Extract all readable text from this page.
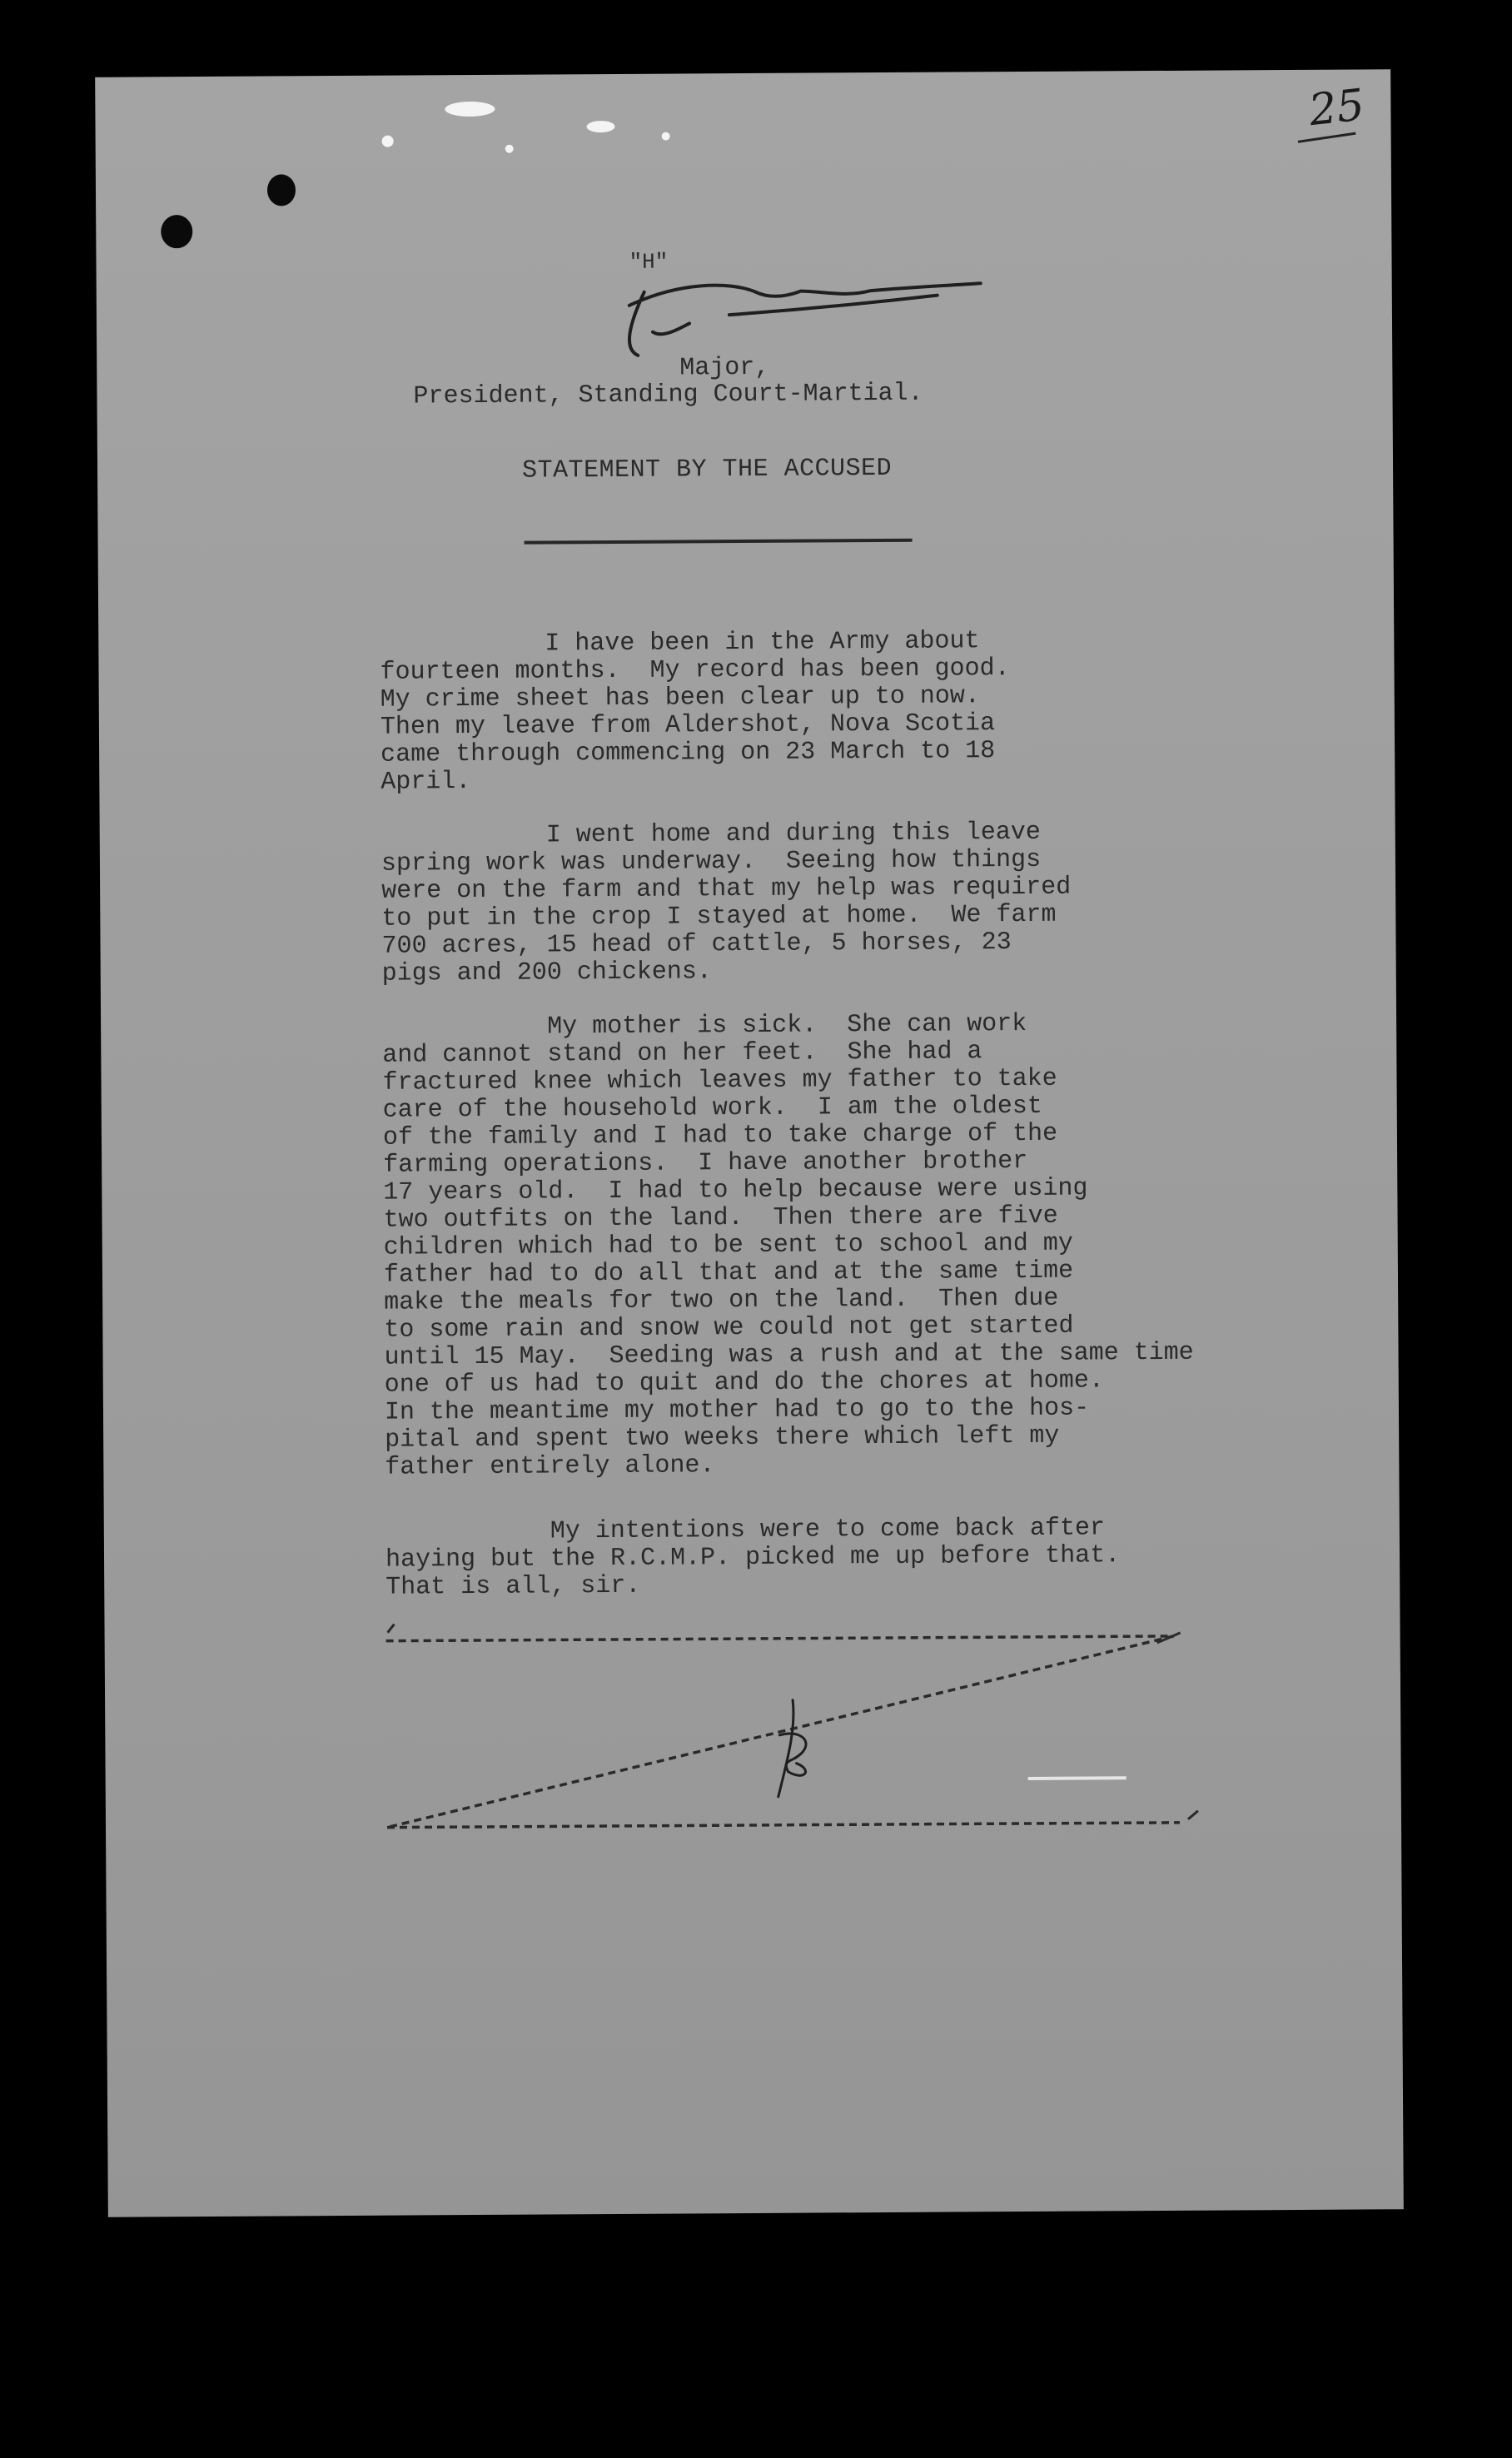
25
"H"
Major,
President, Standing Court-Martial.
STATEMENT BY THE ACCUSED
I have been in the Army about
fourteen months.  My record has been good.
My crime sheet has been clear up to now.
Then my leave from Aldershot, Nova Scotia
came through commencing on 23 March to 18
April.
I went home and during this leave
spring work was underway.  Seeing how things
were on the farm and that my help was required
to put in the crop I stayed at home.  We farm
700 acres, 15 head of cattle, 5 horses, 23
pigs and 200 chickens.
My mother is sick.  She can work
and cannot stand on her feet.  She had a
fractured knee which leaves my father to take
care of the household work.  I am the oldest
of the family and I had to take charge of the
farming operations.  I have another brother
17 years old.  I had to help because were using
two outfits on the land.  Then there are five
children which had to be sent to school and my
father had to do all that and at the same time
make the meals for two on the land.  Then due
to some rain and snow we could not get started
until 15 May.  Seeding was a rush and at the same time
one of us had to quit and do the chores at home.
In the meantime my mother had to go to the hos-
pital and spent two weeks there which left my
father entirely alone.
My intentions were to come back after
haying but the R.C.M.P. picked me up before that.
That is all, sir.
